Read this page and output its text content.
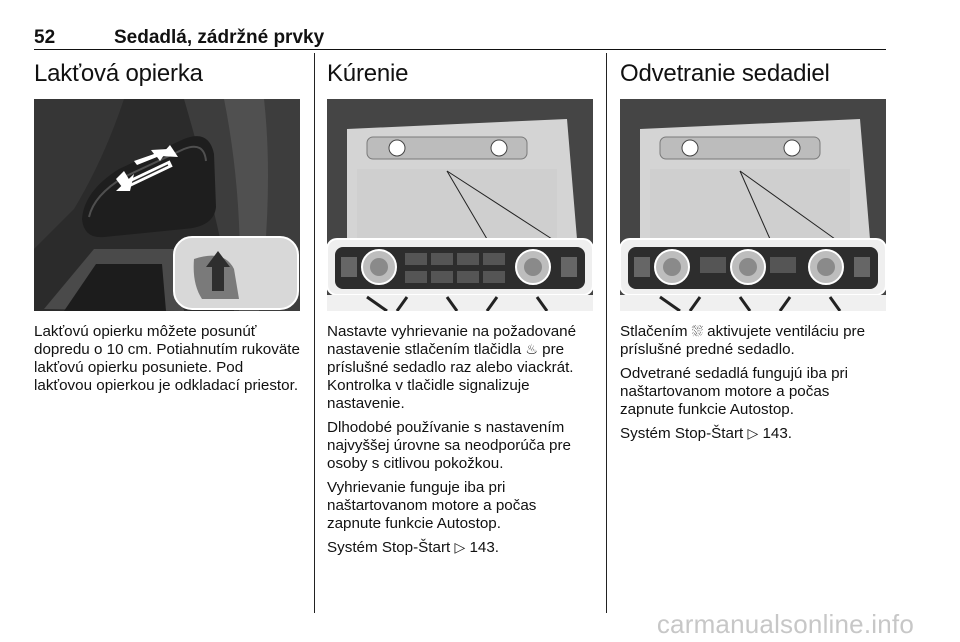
52	Sedadlá, zádržné prvky
Lakťová opierka

Lakťovú opierku môžete posunúť dopredu o 10 cm. Potiahnutím rukoväte lakťovú opierku posuniete. Pod lakťovou opierkou je odkladací priestor.

Kúrenie

Nastavte vyhrievanie na požadované nastavenie stlačením tlačidla ♨ pre príslušné sedadlo raz alebo viackrát. Kontrolka v tlačidle signalizuje nastavenie.

Dlhodobé používanie s nastavením najvyššej úrovne sa neodporúča pre osoby s citlivou pokožkou.

Vyhrievanie funguje iba pri naštartovanom motore a počas zapnute funkcie Autostop.

Systém Stop-Štart ▷ 143.

Odvetranie sedadiel

Stlačením ⛆ aktivujete ventiláciu pre príslušné predné sedadlo.

Odvetrané sedadlá fungujú iba pri naštartovanom motore a počas zapnute funkcie Autostop.

Systém Stop-Štart ▷ 143.

carmanualsonline.info
